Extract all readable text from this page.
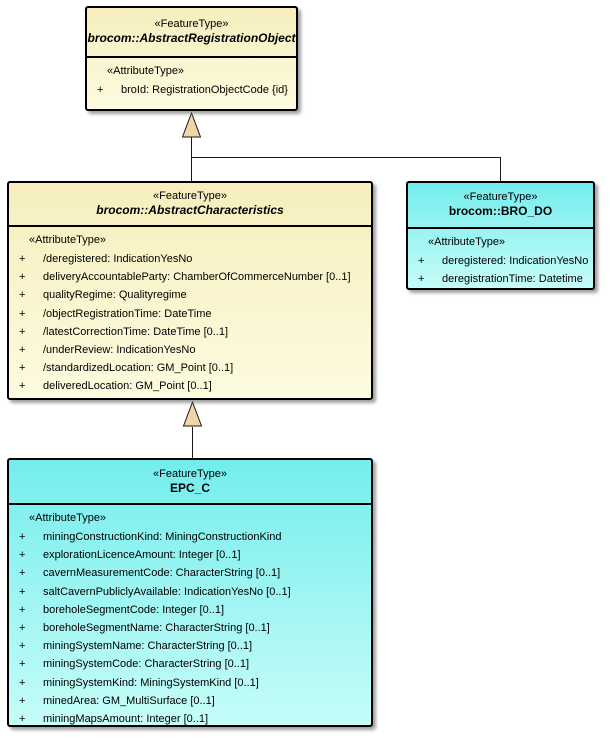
«FeatureType»
brocom::AbstractRegistrationObject
«AttributeType»
+	broId: RegistrationObjectCode {id}
«FeatureType»
brocom::AbstractCharacteristics
«AttributeType»
+	/deregistered: IndicationYesNo
+	deliveryAccountableParty: ChamberOfCommerceNumber [0..1]
+	qualityRegime: Qualityregime
+	/objectRegistrationTime: DateTime
+	/latestCorrectionTime: DateTime [0..1]
+	/underReview: IndicationYesNo
+	/standardizedLocation: GM_Point [0..1]
+	deliveredLocation: GM_Point [0..1]
«FeatureType»
brocom::BRO_DO
«AttributeType»
+	deregistered: IndicationYesNo
+	deregistrationTime: Datetime
«FeatureType»
EPC_C
«AttributeType»
+	miningConstructionKind: MiningConstructionKind
+	explorationLicenceAmount: Integer [0..1]
+	cavernMeasurementCode: CharacterString [0..1]
+	saltCavernPubliclyAvailable: IndicationYesNo [0..1]
+	boreholeSegmentCode: Integer [0..1]
+	boreholeSegmentName: CharacterString [0..1]
+	miningSystemName: CharacterString [0..1]
+	miningSystemCode: CharacterString [0..1]
+	miningSystemKind: MiningSystemKind [0..1]
+	minedArea: GM_MultiSurface [0..1]
+	miningMapsAmount: Integer [0..1]
